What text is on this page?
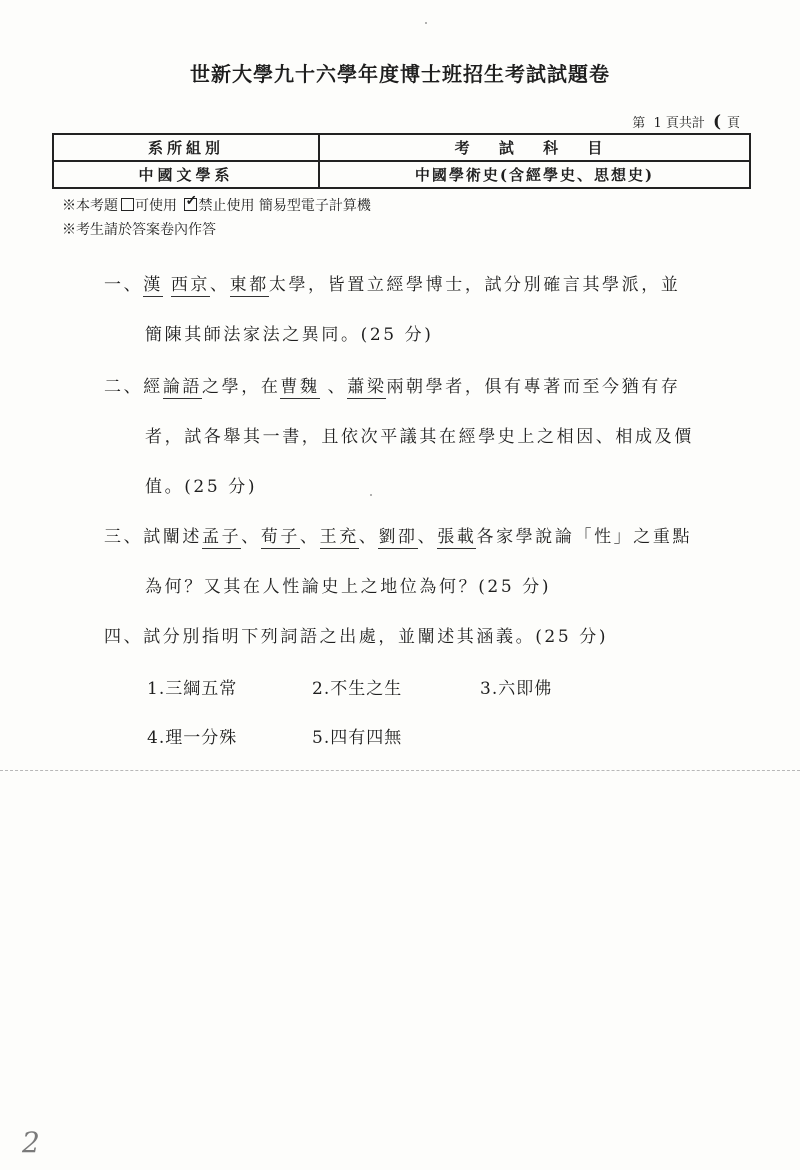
世新大學九十六學年度博士班招生考試試題卷
第 1 頁共計 ( 頁
系所組別	考 試 科 目
中國文學系	中國學術史(含經學史、思想史)
※本考題 可使用 ✓ 禁止使用 簡易型電子計算機
※考生請於答案卷內作答
一、漢 西京、東都太學，皆置立經學博士，試分別確言其學派，並
簡陳其師法家法之異同。(25 分)
二、經論語之學，在曹魏 、蕭梁兩朝學者，俱有專著而至今猶有存
者，試各舉其一書，且依次平議其在經學史上之相因、相成及價
值。(25 分)
三、試闡述孟子、荀子、王充、劉卲、張載各家學說論「性」之重點
為何？又其在人性論史上之地位為何？(25 分)
四、試分別指明下列詞語之出處，並闡述其涵義。(25 分)
1.三綱五常	2.不生之生	3.六即佛
4.理一分殊	5.四有四無
2
